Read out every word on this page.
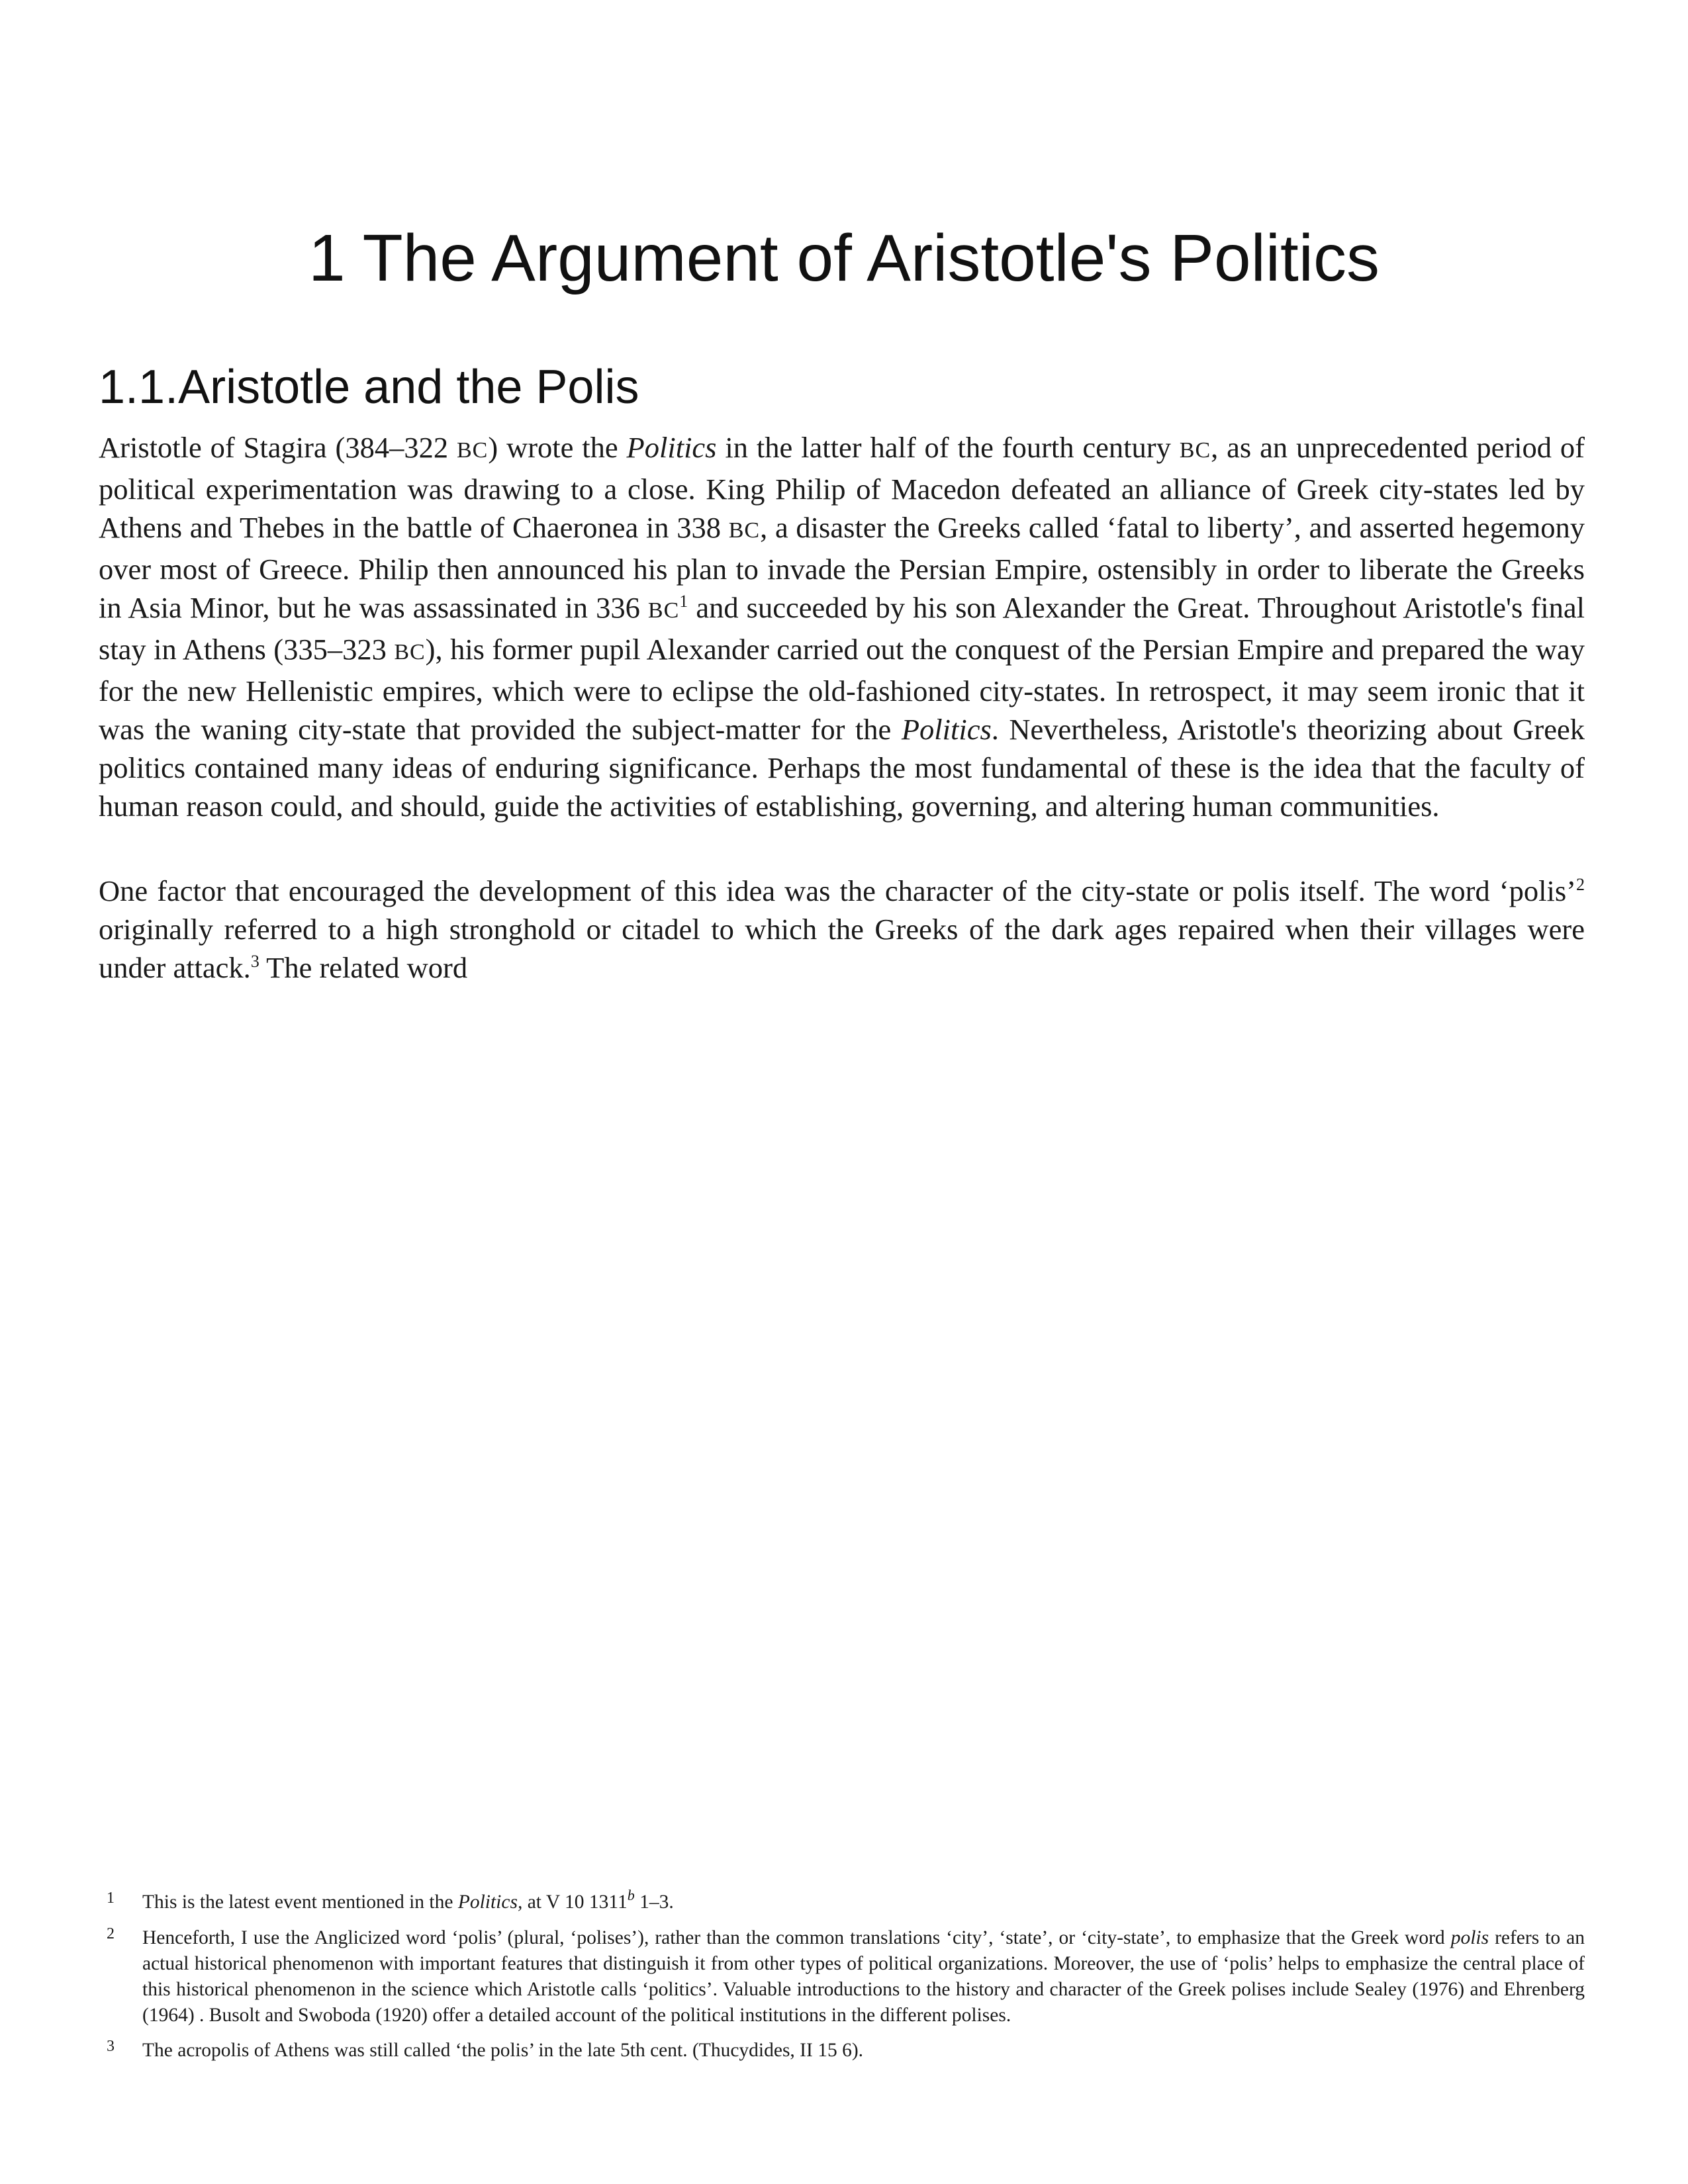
1 The Argument of Aristotle's Politics
1.1.Aristotle and the Polis

Aristotle of Stagira (384–322 BC) wrote the Politics in the latter half of the fourth century BC, as an unprecedented period of political experimentation was drawing to a close. King Philip of Macedon defeated an alliance of Greek city-states led by Athens and Thebes in the battle of Chaeronea in 338 BC, a disaster the Greeks called ‘fatal to liberty’, and asserted hegemony over most of Greece. Philip then announced his plan to invade the Persian Empire, ostensibly in order to liberate the Greeks in Asia Minor, but he was assassinated in 336 BC$^1$ and succeeded by his son Alexander the Great. Throughout Aristotle's final stay in Athens (335–323 BC), his former pupil Alexander carried out the conquest of the Persian Empire and prepared the way for the new Hellenistic empires, which were to eclipse the old-fashioned city-states. In retrospect, it may seem ironic that it was the waning city-state that provided the subject-matter for the Politics. Nevertheless, Aristotle's theorizing about Greek politics contained many ideas of enduring significance. Perhaps the most fundamental of these is the idea that the faculty of human reason could, and should, guide the activities of establishing, governing, and altering human communities.

One factor that encouraged the development of this idea was the character of the city-state or polis itself. The word ‘polis’$^2$ originally referred to a high stronghold or citadel to which the Greeks of the dark ages repaired when their villages were under attack.$^3$ The related word

1 This is the latest event mentioned in the Politics, at V 10 1311$^b$ 1–3.

2 Henceforth, I use the Anglicized word ‘polis’ (plural, ‘polises’), rather than the common translations ‘city’, ‘state’, or ‘city-state’, to emphasize that the Greek word polis refers to an actual historical phenomenon with important features that distinguish it from other types of political organizations. Moreover, the use of ‘polis’ helps to emphasize the central place of this historical phenomenon in the science which Aristotle calls ‘politics’. Valuable introductions to the history and character of the Greek polises include Sealey (1976) and Ehrenberg (1964) . Busolt and Swoboda (1920) offer a detailed account of the political institutions in the different polises.

3 The acropolis of Athens was still called ‘the polis’ in the late 5th cent. (Thucydides, II 15 6).
